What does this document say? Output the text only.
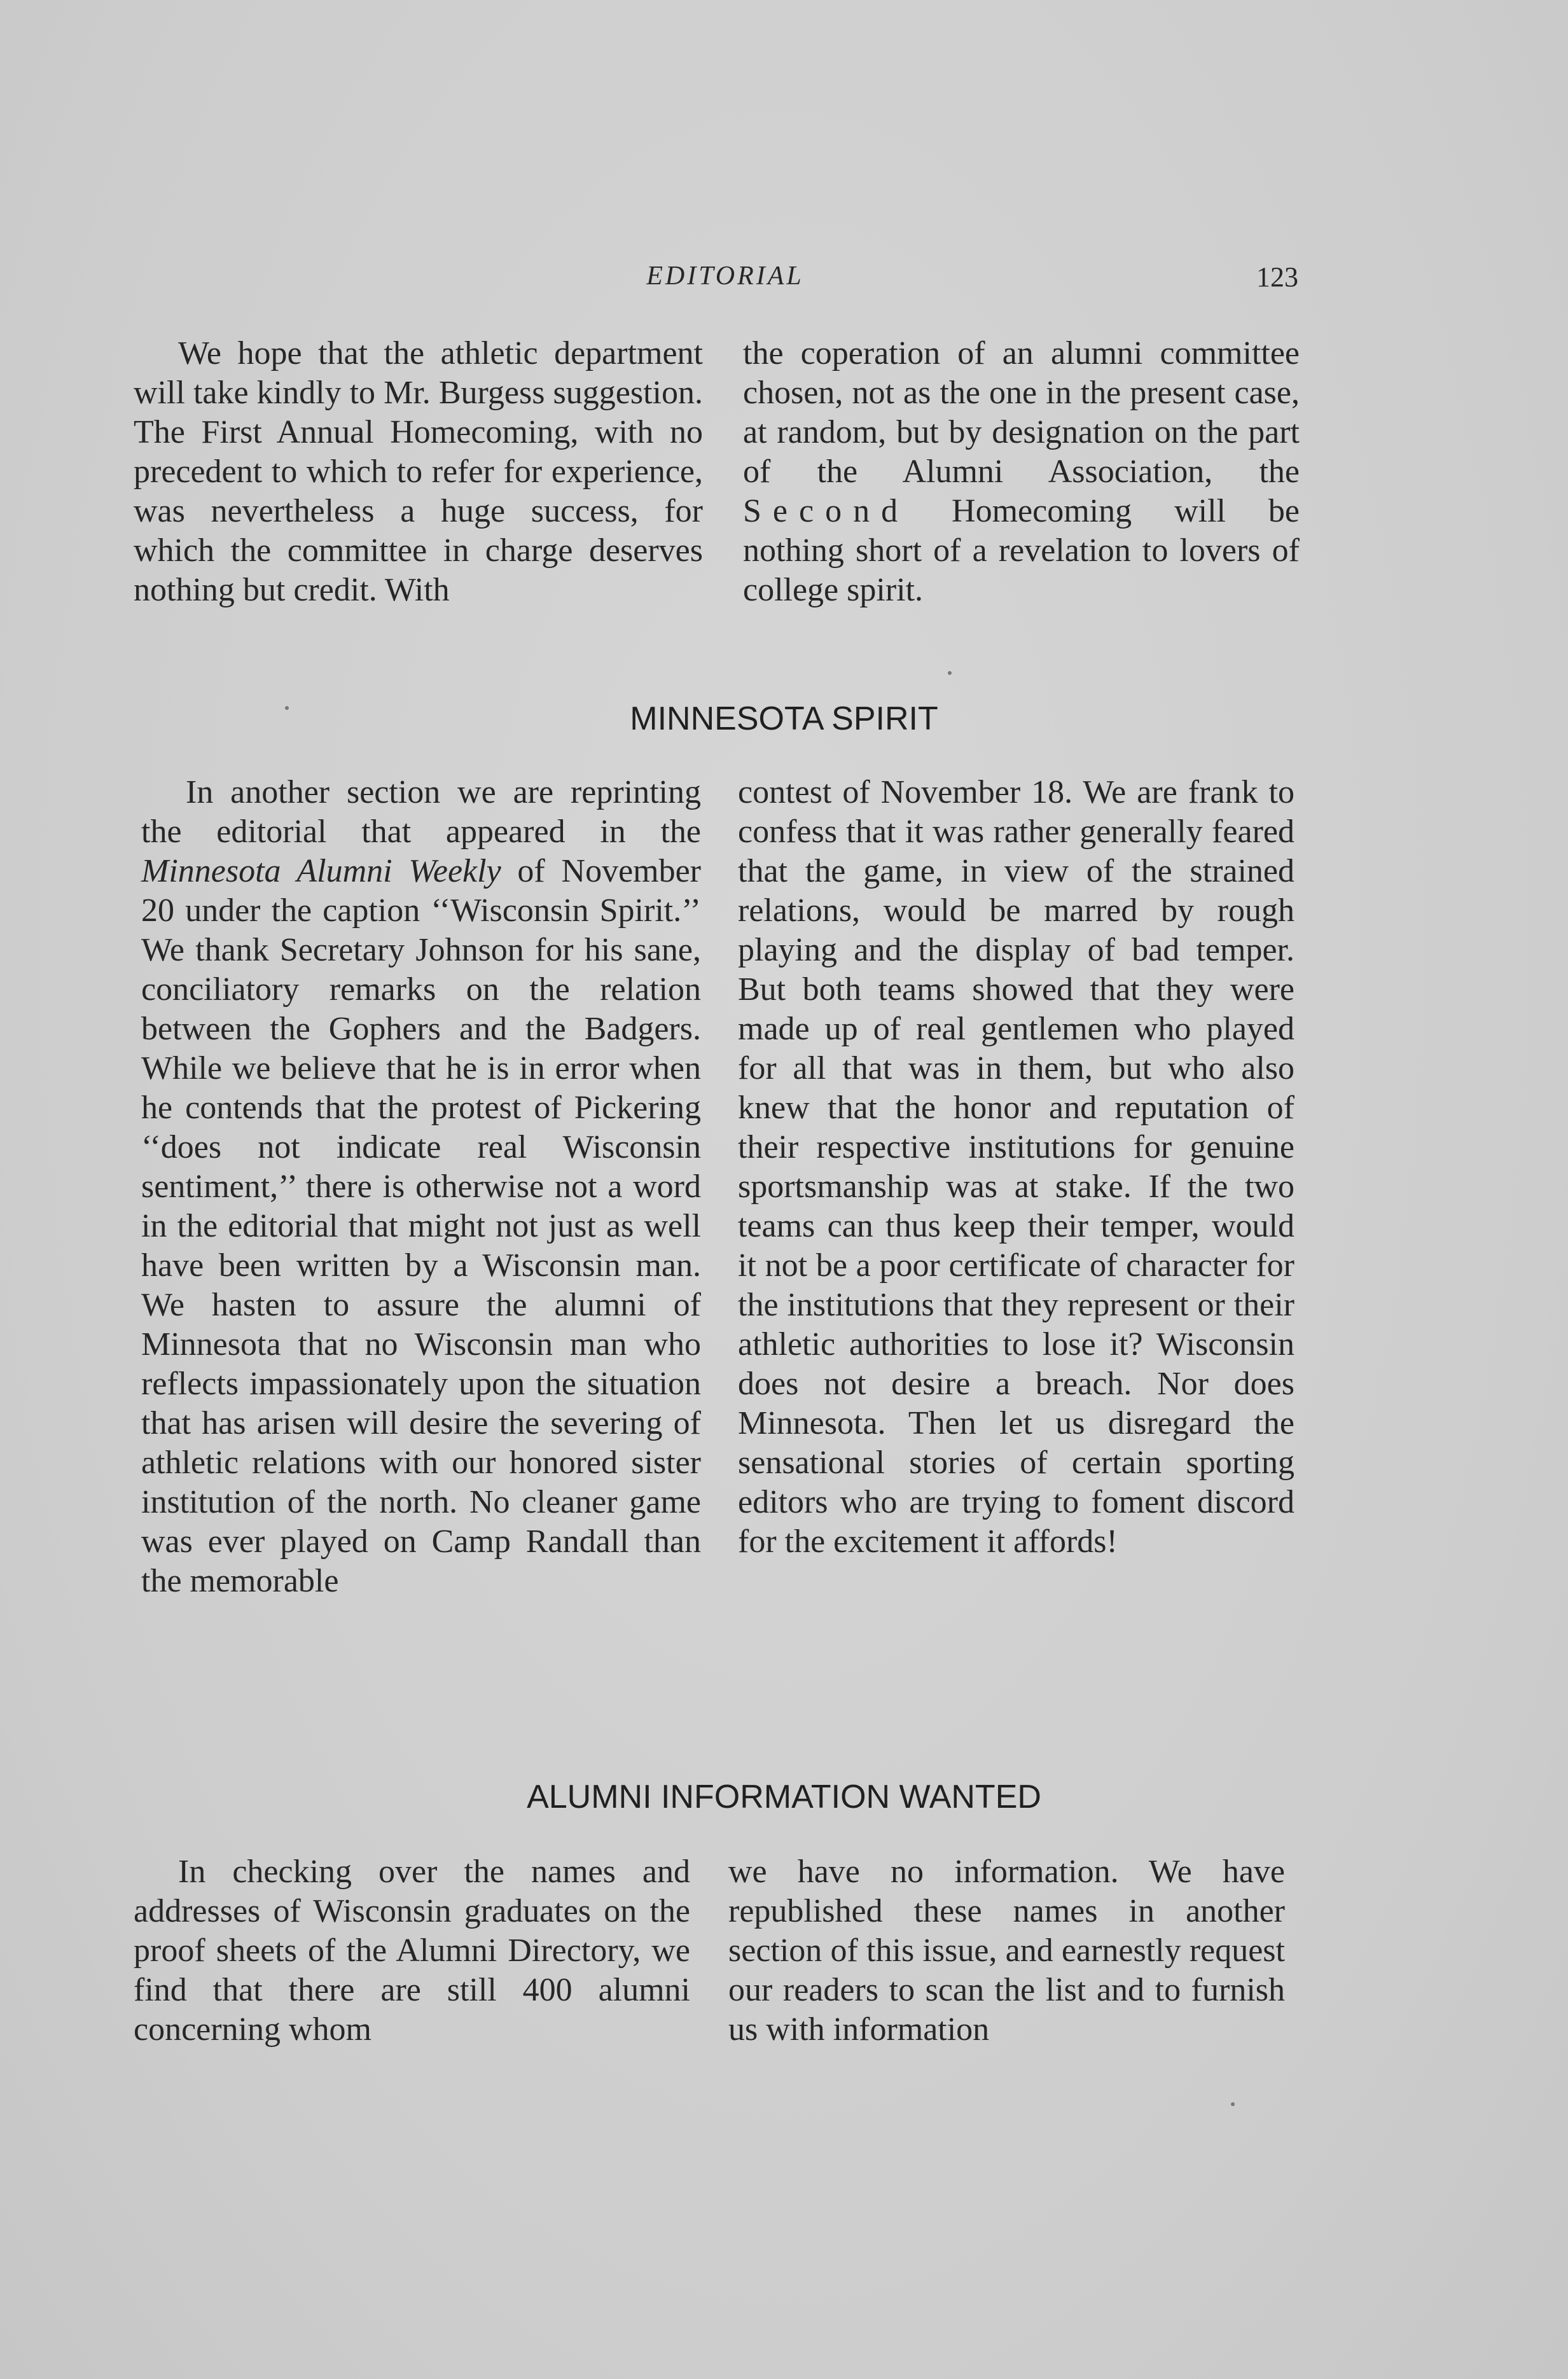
EDITORIAL	123

We hope that the athletic department will take kindly to Mr. Burgess suggestion. The First Annual Homecoming, with no precedent to which to refer for experience, was nevertheless a huge success, for which the committee in charge deserves nothing but credit. With

the coperation of an alumni committee chosen, not as the one in the present case, at random, but by designation on the part of the Alumni Association, the Second Homecoming will be nothing short of a revelation to lovers of college spirit.

MINNESOTA SPIRIT

In another section we are reprinting the editorial that appeared in the Minnesota Alumni Weekly of November 20 under the caption ‘‘Wisconsin Spirit.’’ We thank Secretary Johnson for his sane, conciliatory remarks on the relation between the Gophers and the Badgers. While we believe that he is in error when he contends that the protest of Pickering ‘‘does not indicate real Wisconsin sentiment,’’ there is otherwise not a word in the editorial that might not just as well have been written by a Wisconsin man. We hasten to assure the alumni of Minnesota that no Wisconsin man who reflects impassionately upon the situation that has arisen will desire the severing of athletic relations with our honored sister institution of the north. No cleaner game was ever played on Camp Randall than the memorable

contest of November 18. We are frank to confess that it was rather generally feared that the game, in view of the strained relations, would be marred by rough playing and the display of bad temper. But both teams showed that they were made up of real gentlemen who played for all that was in them, but who also knew that the honor and reputation of their respective institutions for genuine sportsmanship was at stake. If the two teams can thus keep their temper, would it not be a poor certificate of character for the institutions that they represent or their athletic authorities to lose it? Wisconsin does not desire a breach. Nor does Minnesota. Then let us disregard the sensational stories of certain sporting editors who are trying to foment discord for the excitement it affords!

ALUMNI INFORMATION WANTED

In checking over the names and addresses of Wisconsin graduates on the proof sheets of the Alumni Directory, we find that there are still 400 alumni concerning whom

we have no information. We have republished these names in another section of this issue, and earnestly request our readers to scan the list and to furnish us with information
